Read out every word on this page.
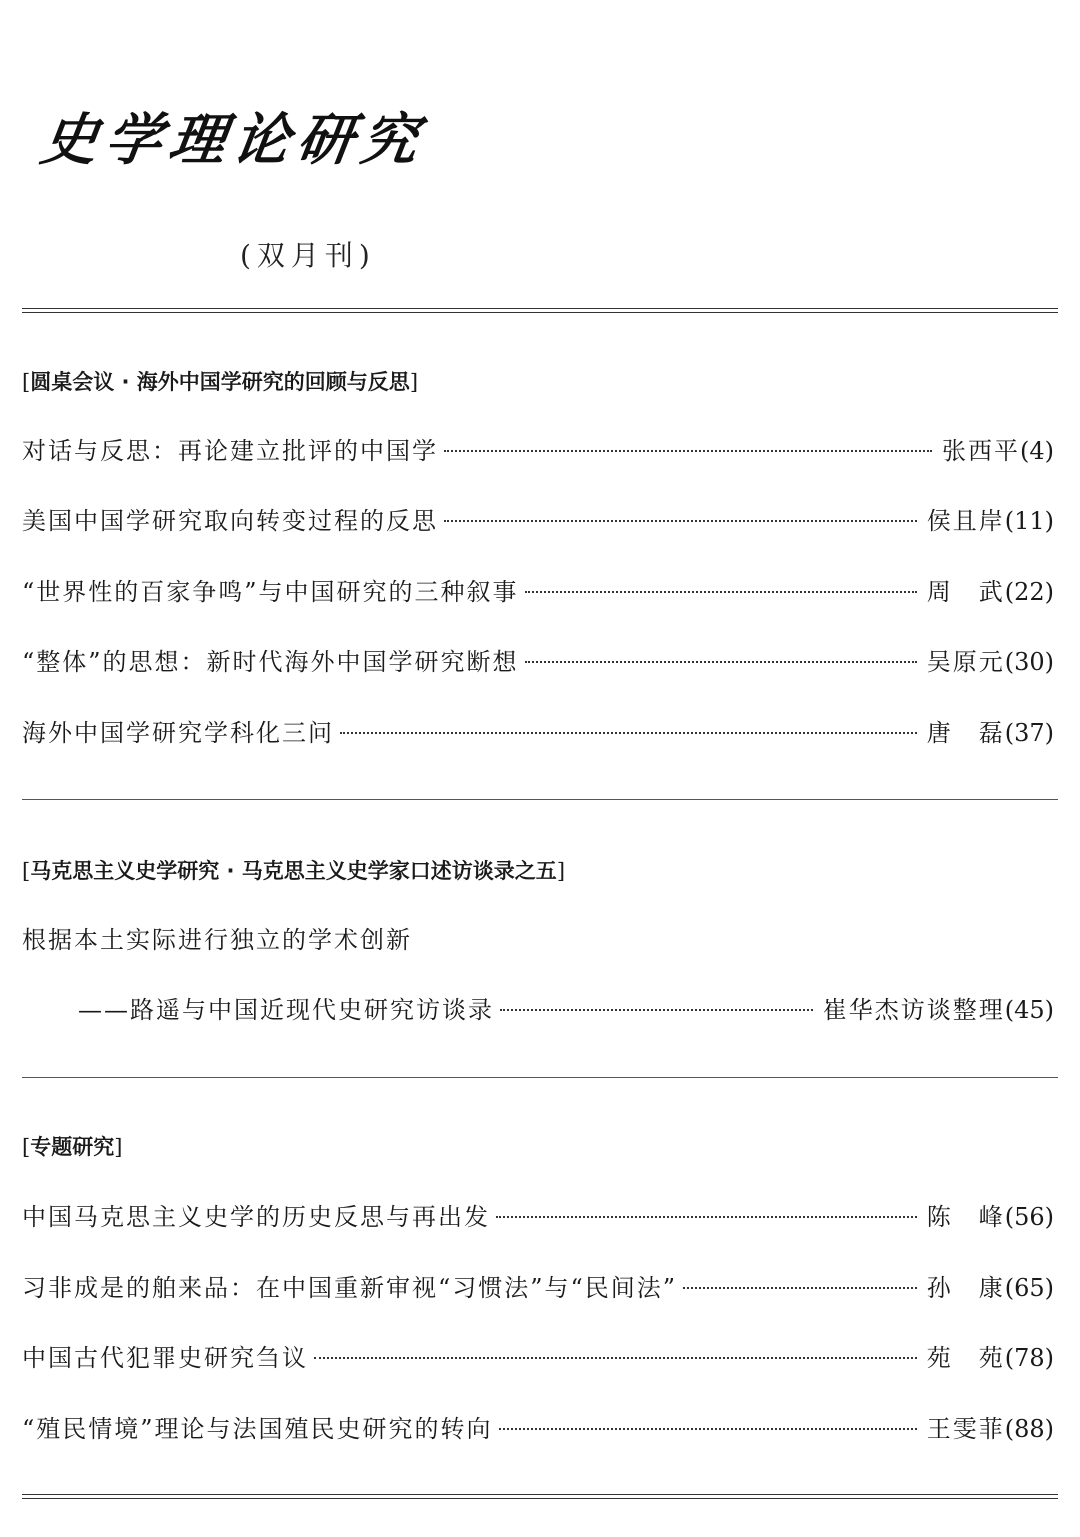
史学理论研究
(双月刊)
[圆桌会议 · 海外中国学研究的回顾与反思]
对话与反思：再论建立批评的中国学	张西平 (4)
美国中国学研究取向转变过程的反思	侯且岸 (11)
“世界性的百家争鸣”与中国研究的三种叙事	周　武 (22)
“整体”的思想：新时代海外中国学研究断想	吴原元 (30)
海外中国学研究学科化三问	唐　磊 (37)
[马克思主义史学研究 · 马克思主义史学家口述访谈录之五]
根据本土实际进行独立的学术创新
——路遥与中国近现代史研究访谈录	崔华杰访谈整理 (45)
[专题研究]
中国马克思主义史学的历史反思与再出发	陈　峰 (56)
习非成是的舶来品：在中国重新审视“习惯法”与“民间法”	孙　康 (65)
中国古代犯罪史研究刍议	苑　苑 (78)
“殖民情境”理论与法国殖民史研究的转向	王雯菲 (88)
